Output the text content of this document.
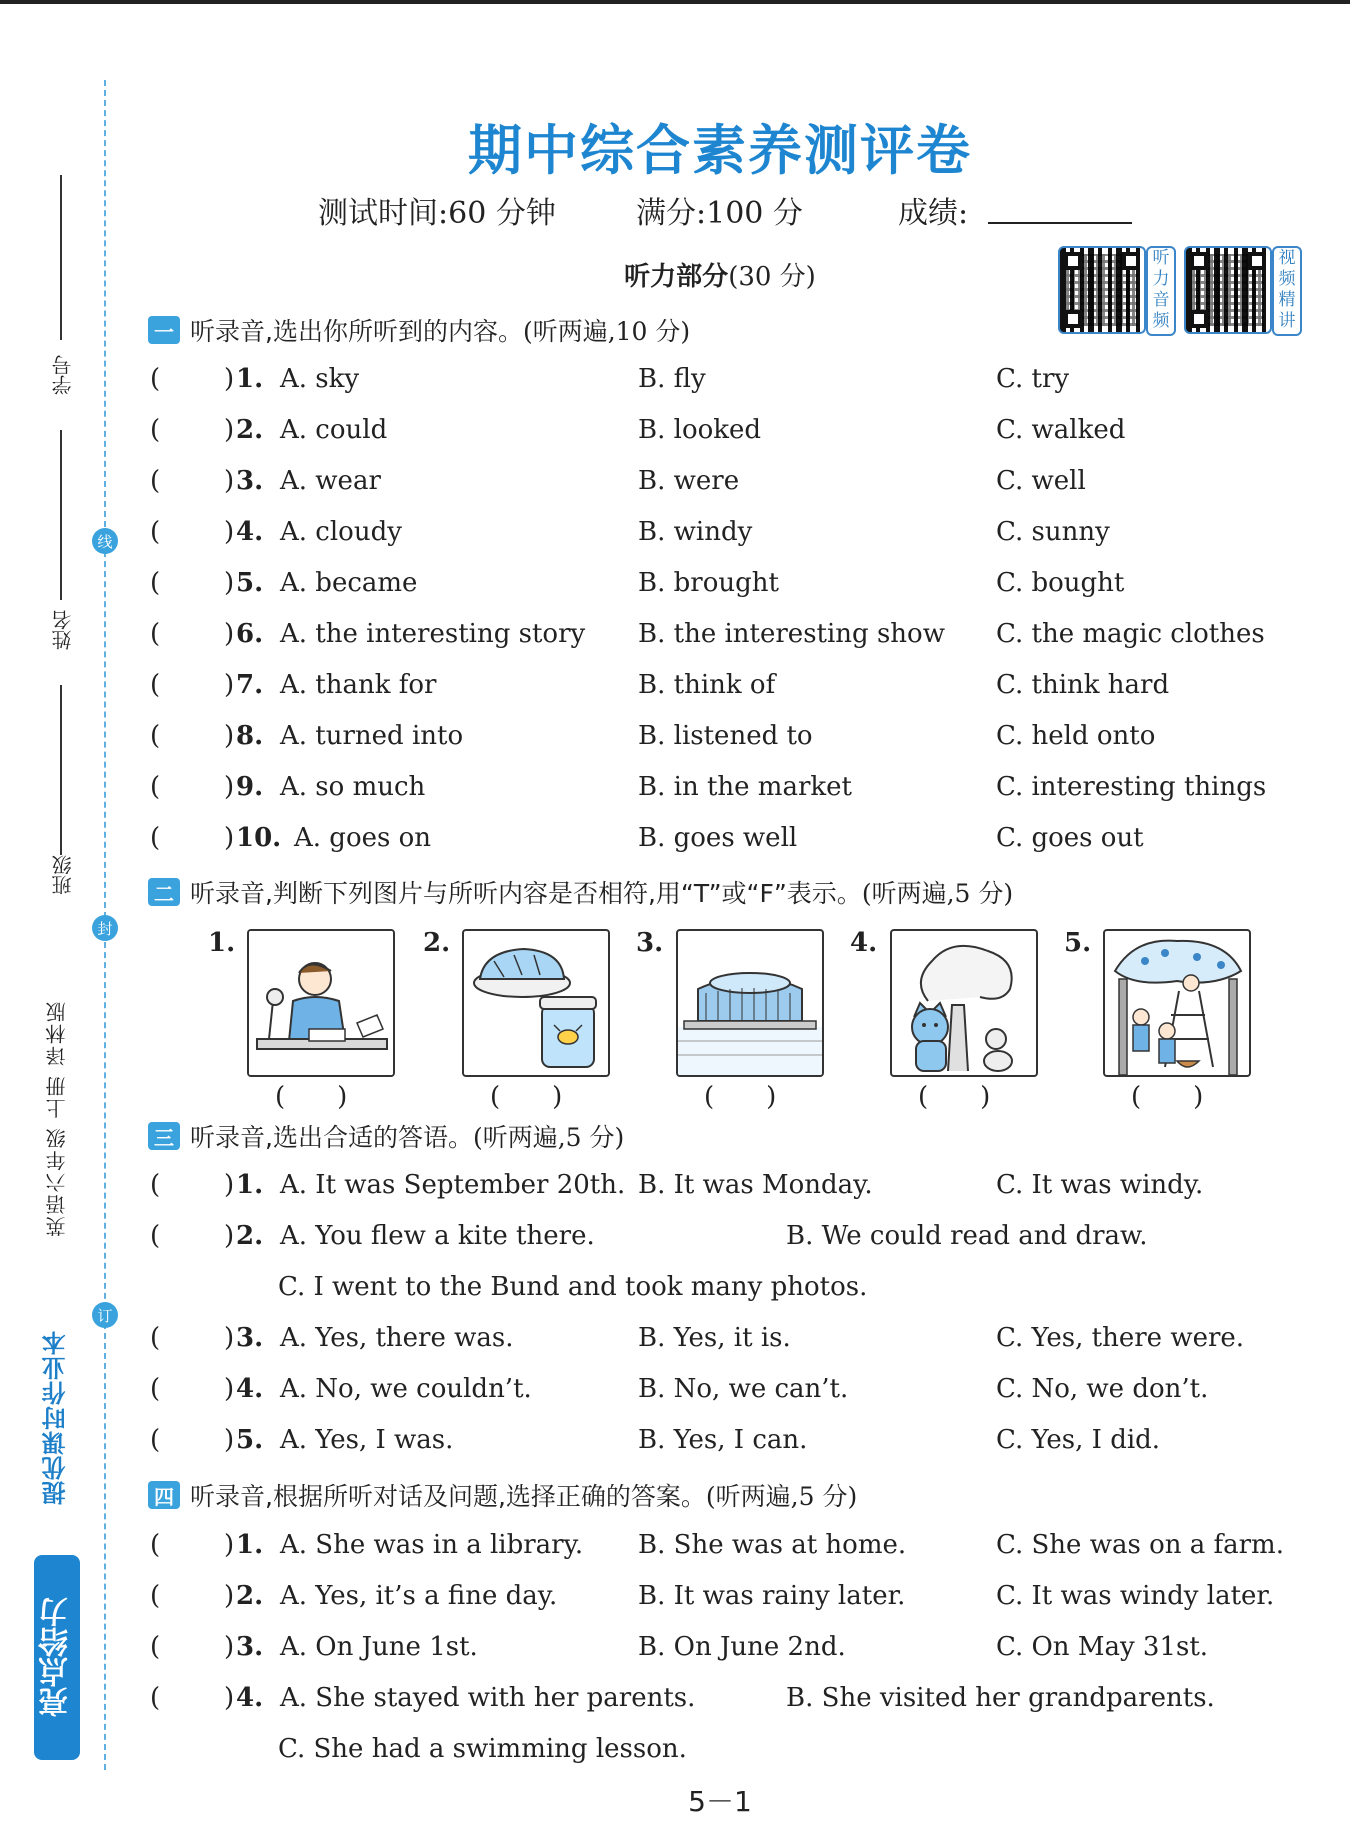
学号
姓名
班级
线
封
订
英语六年级 上册 译林版
提优课时作业本
亮点给力
期中综合素养测评卷
测试时间:60 分钟	满分:100 分	成绩:
听力部分(30 分)
听力音频
视频精讲
一 听录音,选出你所听到的内容。 (听两遍,10 分)
( ) 1. A. sky	B. fly	C. try
( ) 2. A. could	B. looked	C. walked
( ) 3. A. wear	B. were	C. well
( ) 4. A. cloudy	B. windy	C. sunny
( ) 5. A. became	B. brought	C. bought
( ) 6. A. the interesting story B. the interesting show C. the magic clothes
( ) 7. A. thank for	B. think of	C. think hard
( ) 8. A. turned into	B. listened to	C. held onto
( ) 9. A. so much	B. in the market	C. interesting things
( ) 10. A. goes on	B. goes well	C. goes out
二 听录音,判断下列图片与所听内容是否相符,用“T”或“F”表示。 (听两遍,5 分)
1.
(　　)
2.
(　　)
3.
(　　)
4.
(　　)
5.
(　　)
三 听录音,选出合适的答语。 (听两遍,5 分)
( ) 1. A. It was September 20th. B. It was Monday.	C. It was windy.
( ) 2. A. You flew a kite there.	B. We could read and draw.
C. I went to the Bund and took many photos.
( ) 3. A. Yes, there was.	B. Yes, it is.	C. Yes, there were.
( ) 4. A. No, we couldn’t.	B. No, we can’t.	C. No, we don’t.
( ) 5. A. Yes, I was.	B. Yes, I can.	C. Yes, I did.
四 听录音,根据所听对话及问题,选择正确的答案。 (听两遍,5 分)
( ) 1. A. She was in a library. B. She was at home.	C. She was on a farm.
( ) 2. A. Yes, it’s a fine day.	B. It was rainy later.	C. It was windy later.
( ) 3. A. On June 1st.	B. On June 2nd.	C. On May 31st.
( ) 4. A. She stayed with her parents.	B. She visited her grandparents.
C. She had a swimming lesson.
5－1
